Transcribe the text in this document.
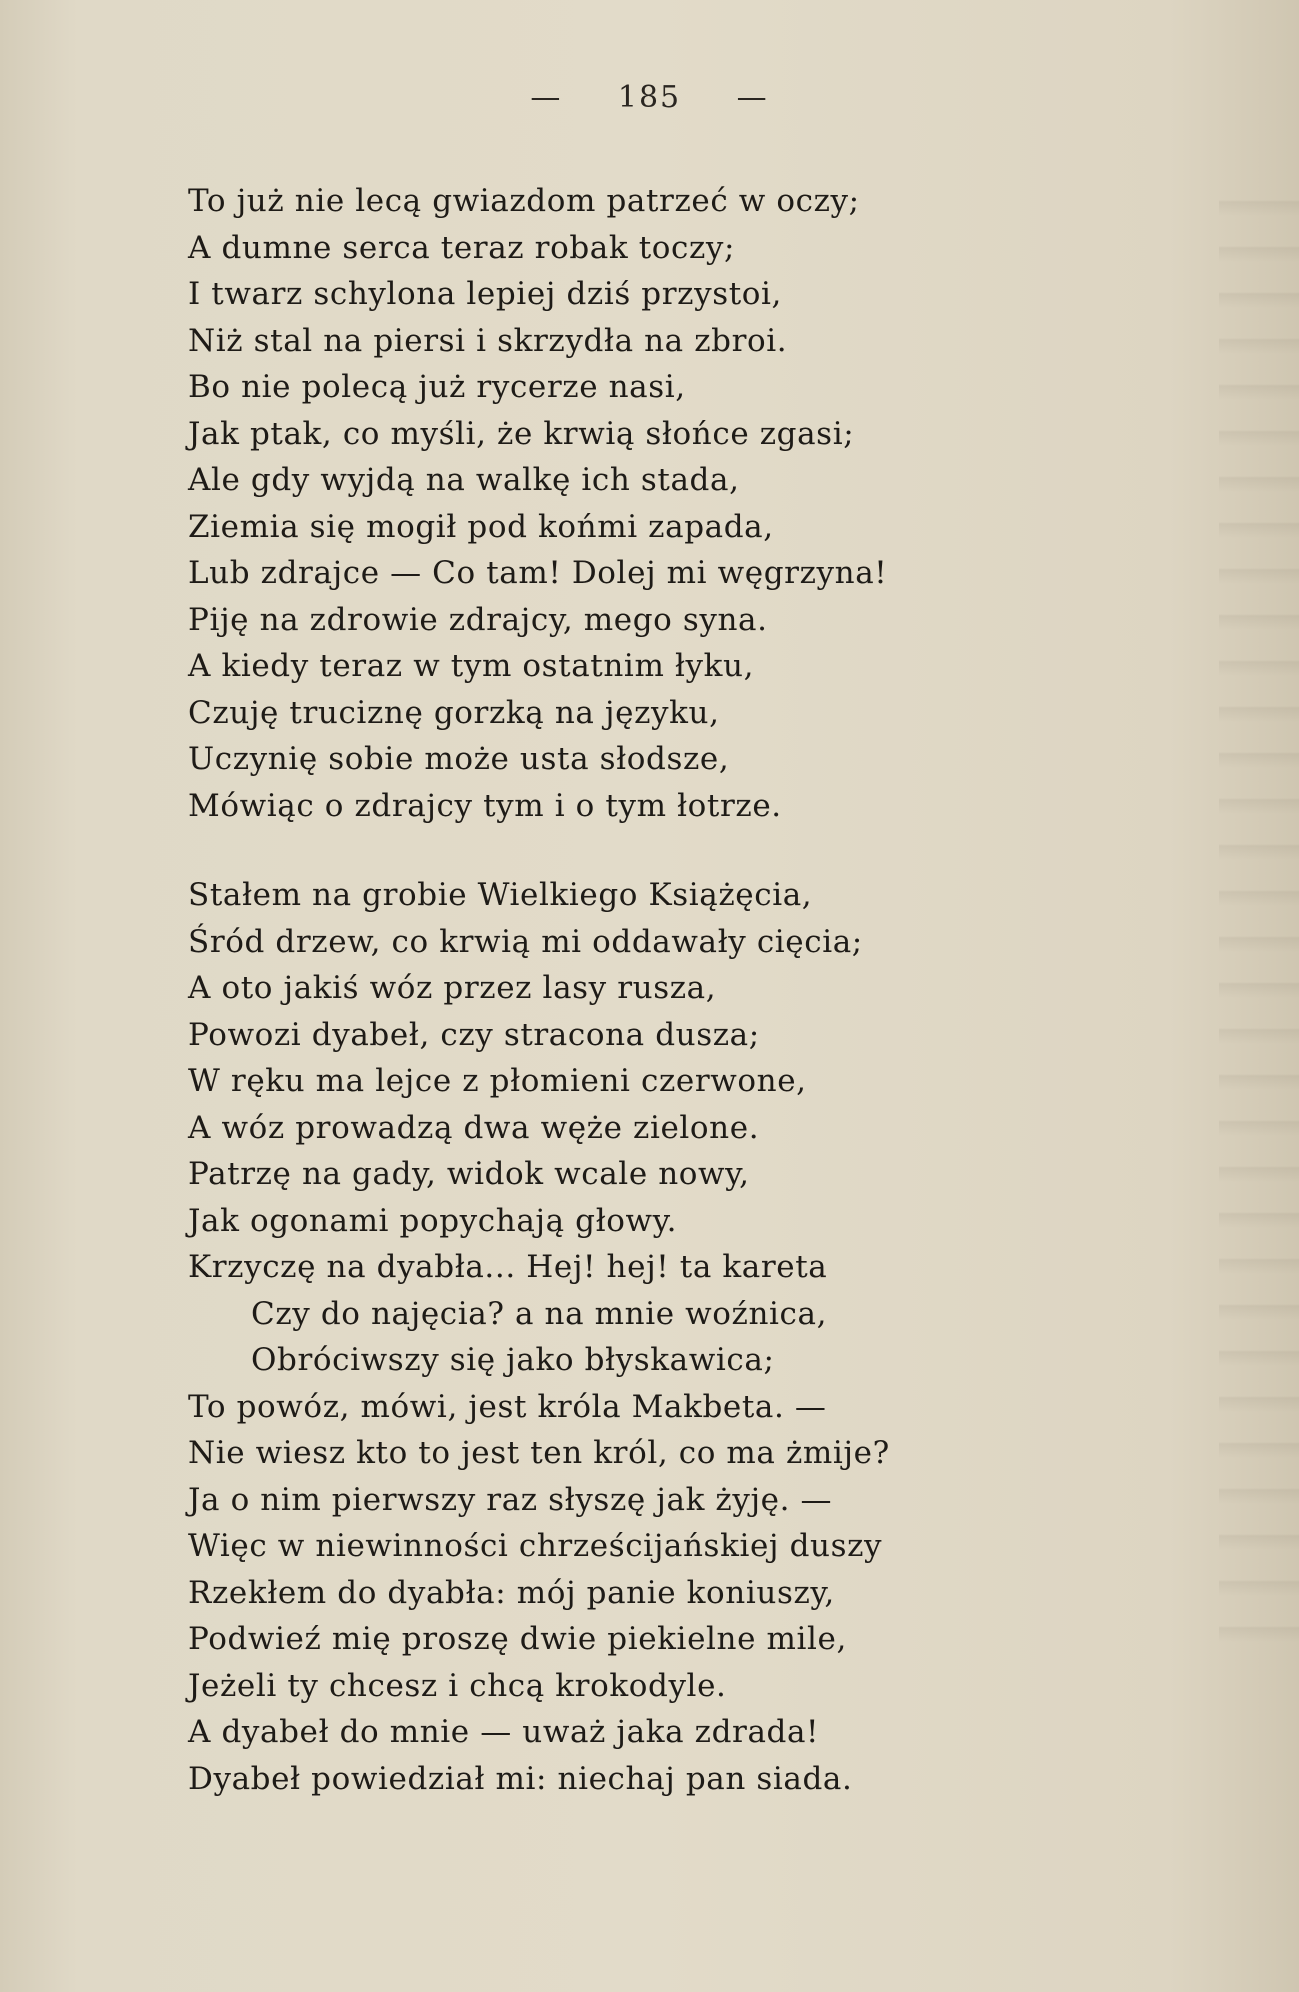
— 185 —
To już nie lecą gwiazdom patrzeć w oczy;
A dumne serca teraz robak toczy;
I twarz schylona lepiej dziś przystoi,
Niż stal na piersi i skrzydła na zbroi.
Bo nie polecą już rycerze nasi,
Jak ptak, co myśli, że krwią słońce zgasi;
Ale gdy wyjdą na walkę ich stada,
Ziemia się mogił pod końmi zapada,
Lub zdrajce — Co tam! Dolej mi węgrzyna!
Piję na zdrowie zdrajcy, mego syna.
A kiedy teraz w tym ostatnim łyku,
Czuję truciznę gorzką na języku,
Uczynię sobie może usta słodsze,
Mówiąc o zdrajcy tym i o tym łotrze.
Stałem na grobie Wielkiego Książęcia,
Śród drzew, co krwią mi oddawały cięcia;
A oto jakiś wóz przez lasy rusza,
Powozi dyabeł, czy stracona dusza;
W ręku ma lejce z płomieni czerwone,
A wóz prowadzą dwa węże zielone.
Patrzę na gady, widok wcale nowy,
Jak ogonami popychają głowy.
Krzyczę na dyabła... Hej! hej! ta kareta
Czy do najęcia? a na mnie woźnica,
Obróciwszy się jako błyskawica;
To powóz, mówi, jest króla Makbeta. —
Nie wiesz kto to jest ten król, co ma żmije?
Ja o nim pierwszy raz słyszę jak żyję. —
Więc w niewinności chrześcijańskiej duszy
Rzekłem do dyabła: mój panie koniuszy,
Podwieź mię proszę dwie piekielne mile,
Jeżeli ty chcesz i chcą krokodyle.
A dyabeł do mnie — uważ jaka zdrada!
Dyabeł powiedział mi: niechaj pan siada.
